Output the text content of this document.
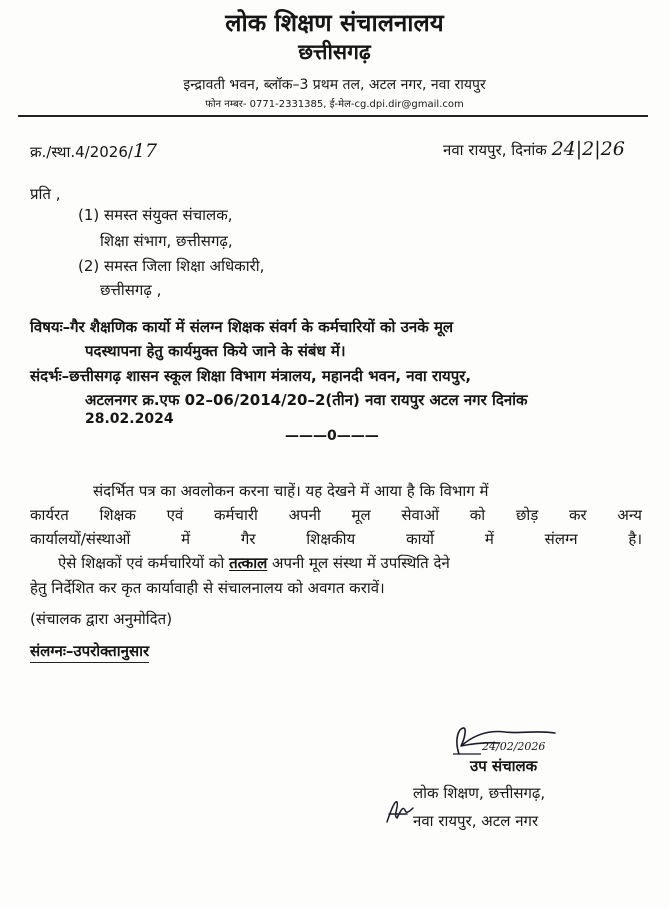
लोक शिक्षण संचालनालय
छत्तीसगढ़
इन्द्रावती भवन, ब्लॉक–3 प्रथम तल, अटल नगर, नवा रायपुर
फोन नम्बर- 0771-2331385, ई-मेल-cg.dpi.dir@gmail.com
क्र./स्था.4/2026/17	नवा रायपुर, दिनांक 24|2|26
प्रति ,
(1) समस्त संयुक्त संचालक,
शिक्षा संभाग, छत्तीसगढ़,
(2) समस्त जिला शिक्षा अधिकारी,
छत्तीसगढ़ ,
विषयः–गैर शैक्षणिक कार्यो में संलग्न शिक्षक संवर्ग के कर्मचारियों को उनके मूल
पदस्थापना हेतु कार्यमुक्त किये जाने के संबंध में।
संदर्भः–छत्तीसगढ़ शासन स्कूल शिक्षा विभाग मंत्रालय, महानदी भवन, नवा रायपुर,
अटलनगर क्र.एफ 02–06/2014/20–2(तीन) नवा रायपुर अटल नगर दिनांक
28.02.2024
———0———
संदर्भित पत्र का अवलोकन करना चाहें। यह देखने में आया है कि विभाग में
कार्यरत शिक्षक एवं कर्मचारी अपनी मूल सेवाओं को छोड़ कर अन्य
कार्यालयों/संस्थाओं में गैर शिक्षकीय कार्यो में संलग्न है।
ऐसे शिक्षकों एवं कर्मचारियों को तत्काल अपनी मूल संस्था में उपस्थिति देने
हेतु निर्देशित कर कृत कार्यावाही से संचालनालय को अवगत करावें।
(संचालक द्वारा अनुमोदित)
संलग्नः–उपरोक्तानुसार
24/02/2026
उप संचालक
लोक शिक्षण, छत्तीसगढ़,
नवा रायपुर, अटल नगर
